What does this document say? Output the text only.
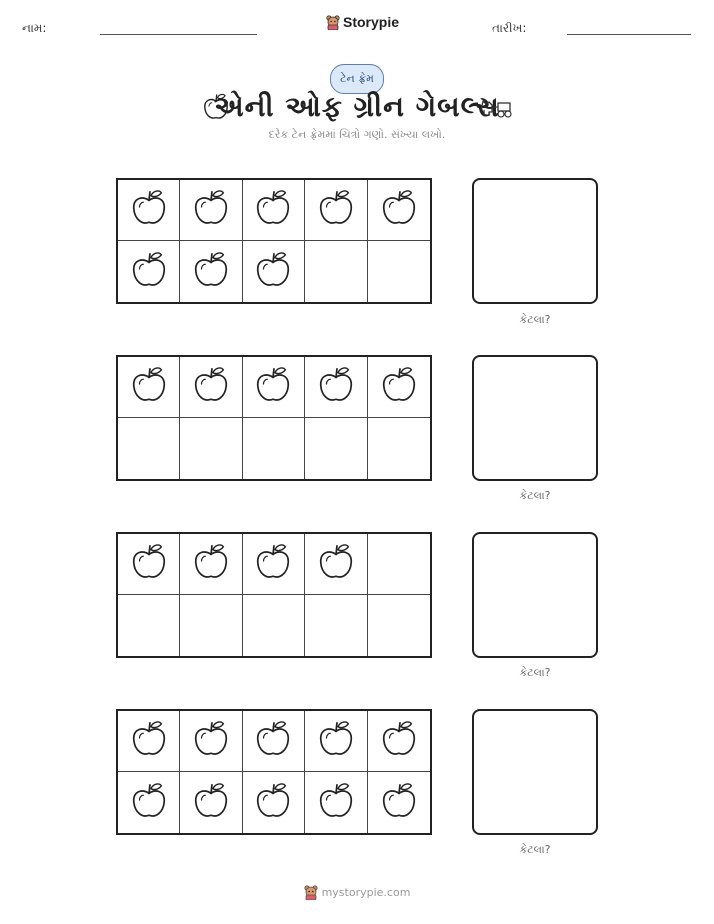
નામ:	Storypie	તારીખ:
ટેન ફ્રેમ
એની ઓફ ગ્રીન ગેબલ્સ
દરેક ટેન ફ્રેમમાં ચિત્રો ગણો. સંખ્યા લખો.
કેટલા?
કેટલા?
કેટલા?
કેટલા?
mystorypie.com
